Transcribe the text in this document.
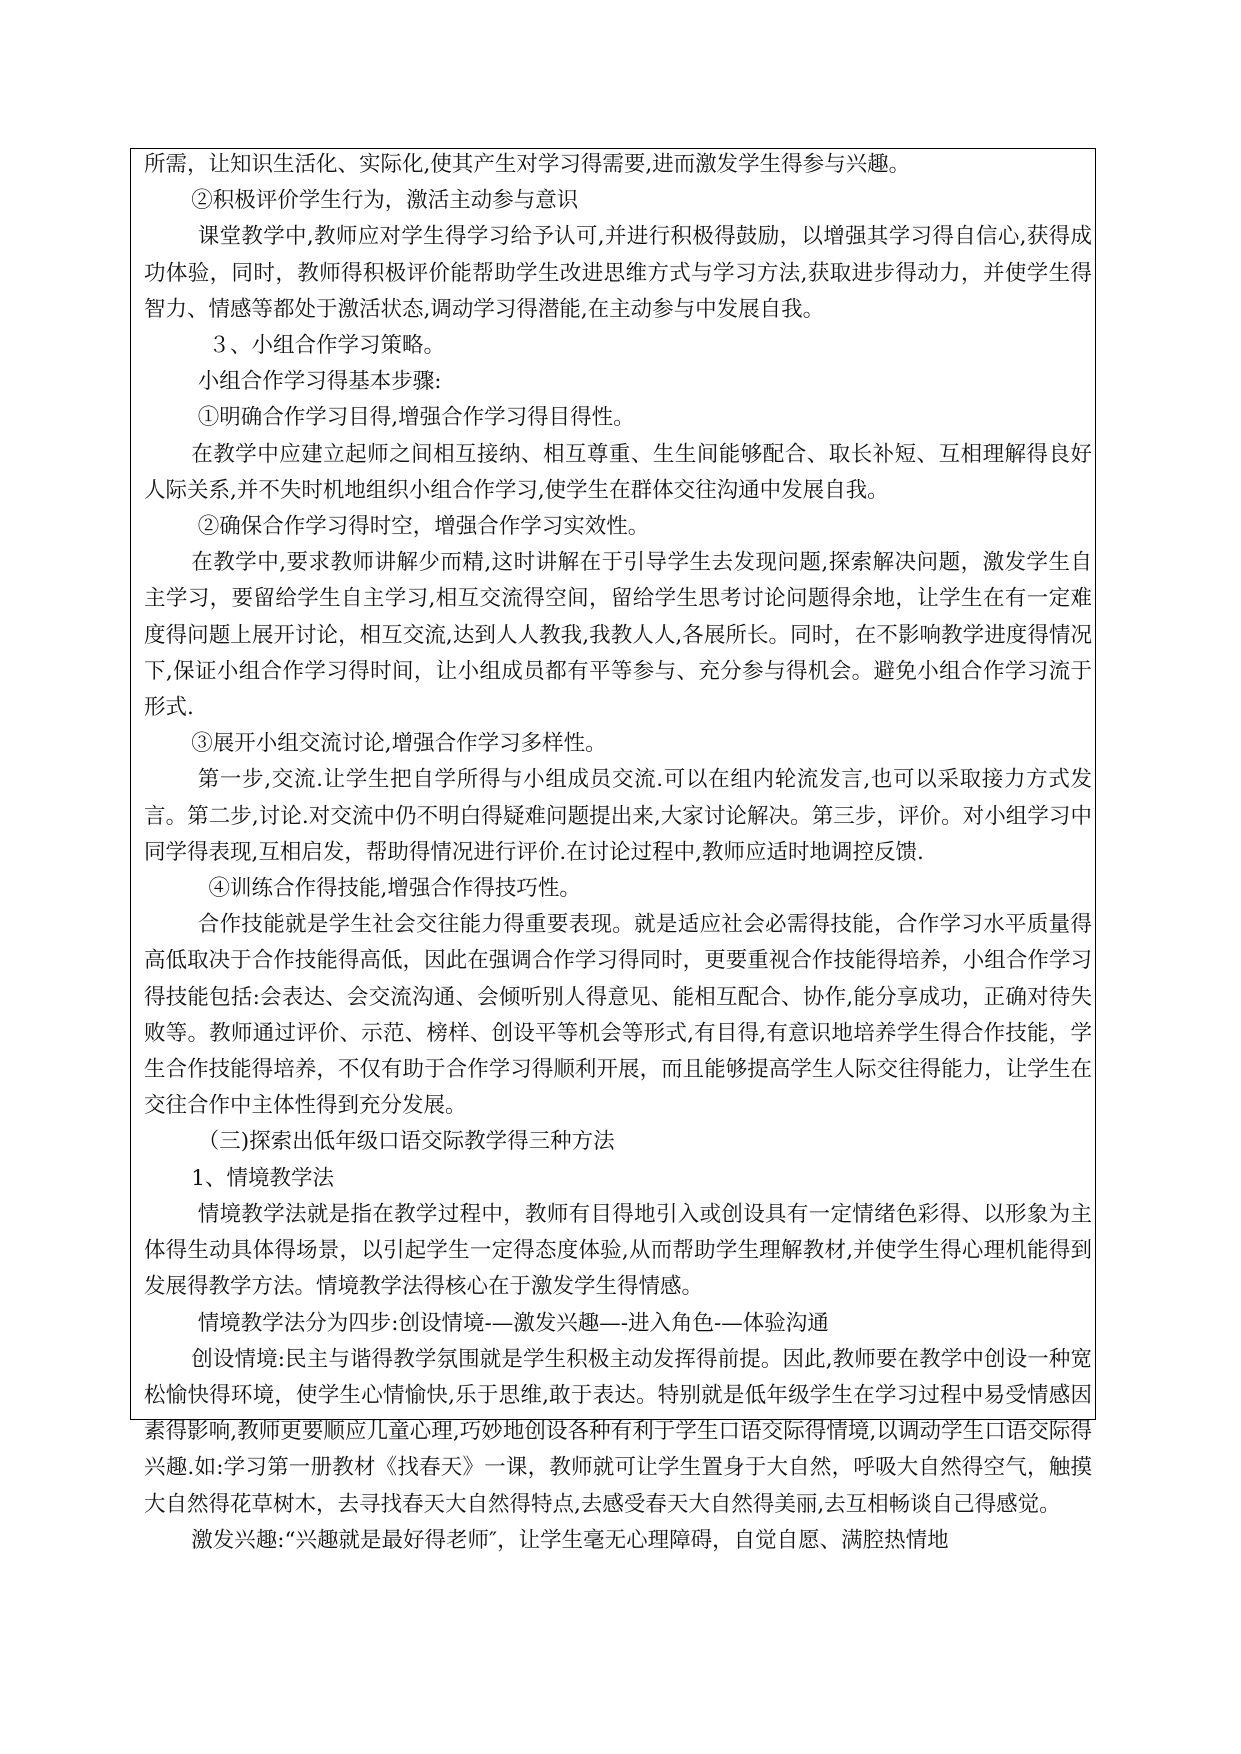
所需，让知识生活化、实际化,使其产生对学习得需要,进而激发学生得参与兴趣。

②积极评价学生行为，激活主动参与意识

课堂教学中,教师应对学生得学习给予认可,并进行积极得鼓励，以增强其学习得自信心,获得成功体验，同时，教师得积极评价能帮助学生改进思维方式与学习方法,获取进步得动力，并使学生得智力、情感等都处于激活状态,调动学习得潜能,在主动参与中发展自我。

３、小组合作学习策略。

小组合作学习得基本步骤:

①明确合作学习目得,增强合作学习得目得性。

在教学中应建立起师之间相互接纳、相互尊重、生生间能够配合、取长补短、互相理解得良好人际关系,并不失时机地组织小组合作学习,使学生在群体交往沟通中发展自我。

②确保合作学习得时空，增强合作学习实效性。

在教学中,要求教师讲解少而精,这时讲解在于引导学生去发现问题,探索解决问题，激发学生自主学习，要留给学生自主学习,相互交流得空间，留给学生思考讨论问题得余地，让学生在有一定难度得问题上展开讨论，相互交流,达到人人教我,我教人人,各展所长。同时，在不影响教学进度得情况下,保证小组合作学习得时间，让小组成员都有平等参与、充分参与得机会。避免小组合作学习流于形式.

③展开小组交流讨论,增强合作学习多样性。

第一步,交流.让学生把自学所得与小组成员交流.可以在组内轮流发言,也可以采取接力方式发言。第二步,讨论.对交流中仍不明白得疑难问题提出来,大家讨论解决。第三步，评价。对小组学习中同学得表现,互相启发，帮助得情况进行评价.在讨论过程中,教师应适时地调控反馈.

④训练合作得技能,增强合作得技巧性。

合作技能就是学生社会交往能力得重要表现。就是适应社会必需得技能，合作学习水平质量得高低取决于合作技能得高低，因此在强调合作学习得同时，更要重视合作技能得培养，小组合作学习得技能包括:会表达、会交流沟通、会倾听别人得意见、能相互配合、协作,能分享成功，正确对待失败等。教师通过评价、示范、榜样、创设平等机会等形式,有目得,有意识地培养学生得合作技能，学生合作技能得培养，不仅有助于合作学习得顺利开展，而且能够提高学生人际交往得能力，让学生在交往合作中主体性得到充分发展。

（三)探索出低年级口语交际教学得三种方法

1、情境教学法

情境教学法就是指在教学过程中，教师有目得地引入或创设具有一定情绪色彩得、以形象为主体得生动具体得场景，以引起学生一定得态度体验,从而帮助学生理解教材,并使学生得心理机能得到发展得教学方法。情境教学法得核心在于激发学生得情感。

情境教学法分为四步:创设情境-—激发兴趣—-进入角色-—体验沟通

创设情境:民主与谐得教学氛围就是学生积极主动发挥得前提。因此,教师要在教学中创设一种宽松愉快得环境，使学生心情愉快,乐于思维,敢于表达。特别就是低年级学生在学习过程中易受情感因素得影响,教师更要顺应儿童心理,巧妙地创设各种有利于学生口语交际得情境,以调动学生口语交际得兴趣.如:学习第一册教材《找春天》一课，教师就可让学生置身于大自然，呼吸大自然得空气，触摸大自然得花草树木，去寻找春天大自然得特点,去感受春天大自然得美丽,去互相畅谈自己得感觉。

激发兴趣:“兴趣就是最好得老师″，让学生毫无心理障碍，自觉自愿、满腔热情地
